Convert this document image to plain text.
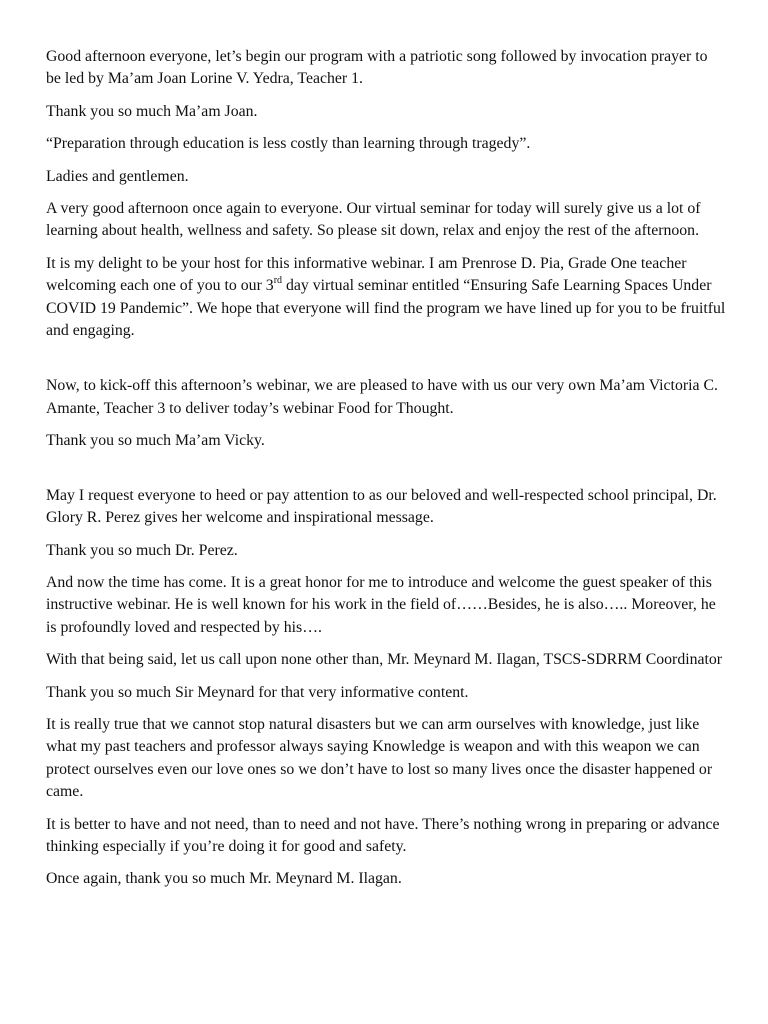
Good afternoon everyone, let’s begin our program with a patriotic song followed by invocation prayer to be led by Ma’am Joan Lorine V. Yedra, Teacher 1.

Thank you so much Ma’am Joan.

“Preparation through education is less costly than learning through tragedy”.

Ladies and gentlemen.

A very good afternoon once again to everyone. Our virtual seminar for today will surely give us a lot of learning about health, wellness and safety. So please sit down, relax and enjoy the rest of the afternoon.

It is my delight to be your host for this informative webinar. I am Prenrose D. Pia, Grade One teacher welcoming each one of you to our 3rd day virtual seminar entitled “Ensuring Safe Learning Spaces Under COVID 19 Pandemic”. We hope that everyone will find the program we have lined up for you to be fruitful and engaging.

Now, to kick-off this afternoon’s webinar, we are pleased to have with us our very own Ma’am Victoria C. Amante, Teacher 3 to deliver today’s webinar Food for Thought.

Thank you so much Ma’am Vicky.

May I request everyone to heed or pay attention to as our beloved and well-respected school principal, Dr. Glory R. Perez gives her welcome and inspirational message.

Thank you so much Dr. Perez.

And now the time has come. It is a great honor for me to introduce and welcome the guest speaker of this instructive webinar. He is well known for his work in the field of……Besides, he is also….. Moreover, he is profoundly loved and respected by his….

With that being said, let us call upon none other than, Mr. Meynard M. Ilagan, TSCS-SDRRM Coordinator

Thank you so much Sir Meynard for that very informative content.

It is really true that we cannot stop natural disasters but we can arm ourselves with knowledge, just like what my past teachers and professor always saying Knowledge is weapon and with this weapon we can protect ourselves even our love ones so we don’t have to lost so many lives once the disaster happened or came.

It is better to have and not need, than to need and not have. There’s nothing wrong in preparing or advance thinking especially if you’re doing it for good and safety.

Once again, thank you so much Mr. Meynard M. Ilagan.
